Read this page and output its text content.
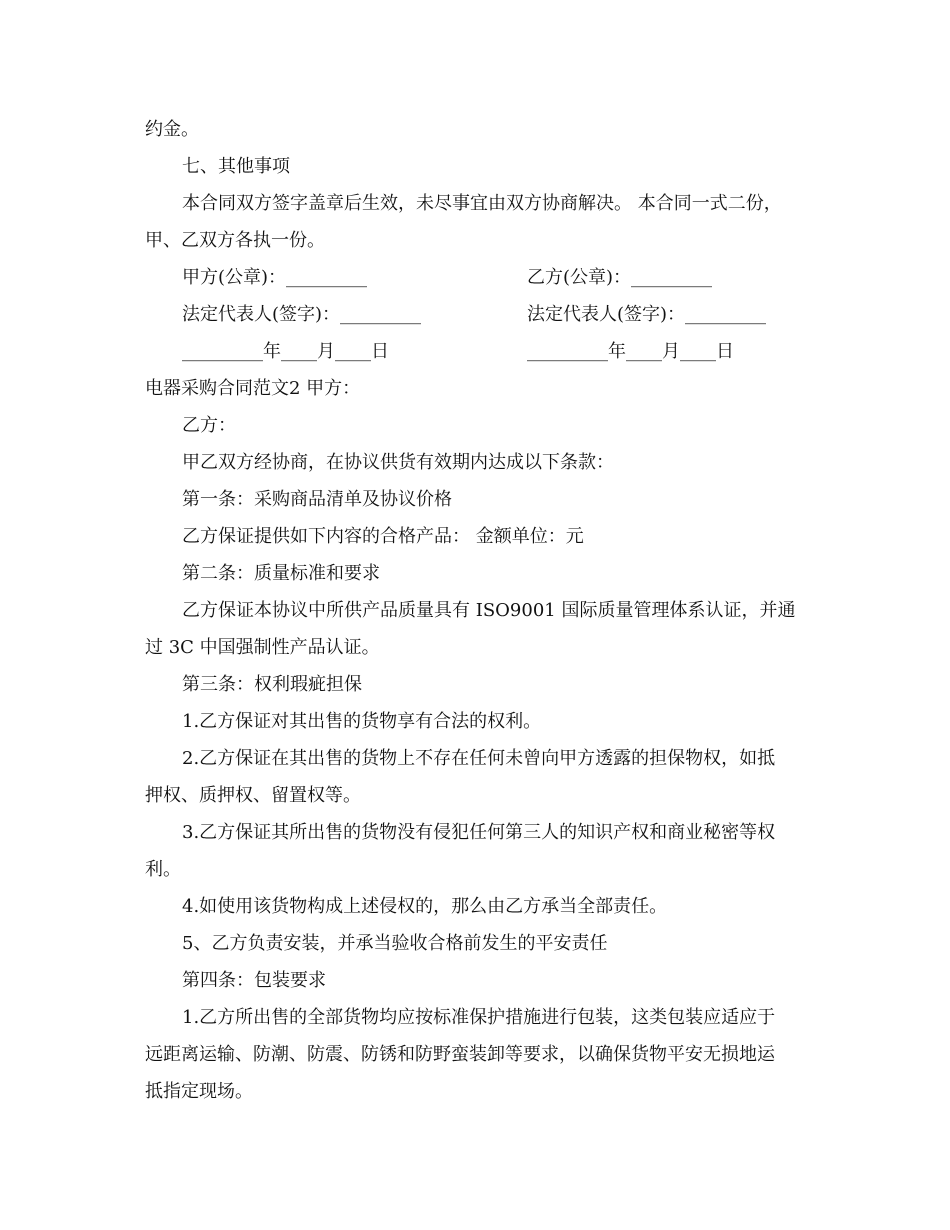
约金。
七、其他事项
本合同双方签字盖章后生效，未尽事宜由双方协商解决。 本合同一式二份，
甲、乙双方各执一份。
甲方(公章)：_________	乙方(公章)：_________
法定代表人(签字)：_________	法定代表人(签字)：_________
_________年____月____日	_________年____月____日
电器采购合同范文2 甲方：
乙方：
甲乙双方经协商，在协议供货有效期内达成以下条款：
第一条：采购商品清单及协议价格
乙方保证提供如下内容的合格产品： 金额单位：元
第二条：质量标准和要求
乙方保证本协议中所供产品质量具有 ISO9001 国际质量管理体系认证，并通
过 3C 中国强制性产品认证。
第三条：权利瑕疵担保
1.乙方保证对其出售的货物享有合法的权利。
2.乙方保证在其出售的货物上不存在任何未曾向甲方透露的担保物权，如抵
押权、质押权、留置权等。
3.乙方保证其所出售的货物没有侵犯任何第三人的知识产权和商业秘密等权
利。
4.如使用该货物构成上述侵权的，那么由乙方承当全部责任。
5、乙方负责安装，并承当验收合格前发生的平安责任
第四条：包装要求
1.乙方所出售的全部货物均应按标准保护措施进行包装，这类包装应适应于
远距离运输、防潮、防震、防锈和防野蛮装卸等要求，以确保货物平安无损地运
抵指定现场。
